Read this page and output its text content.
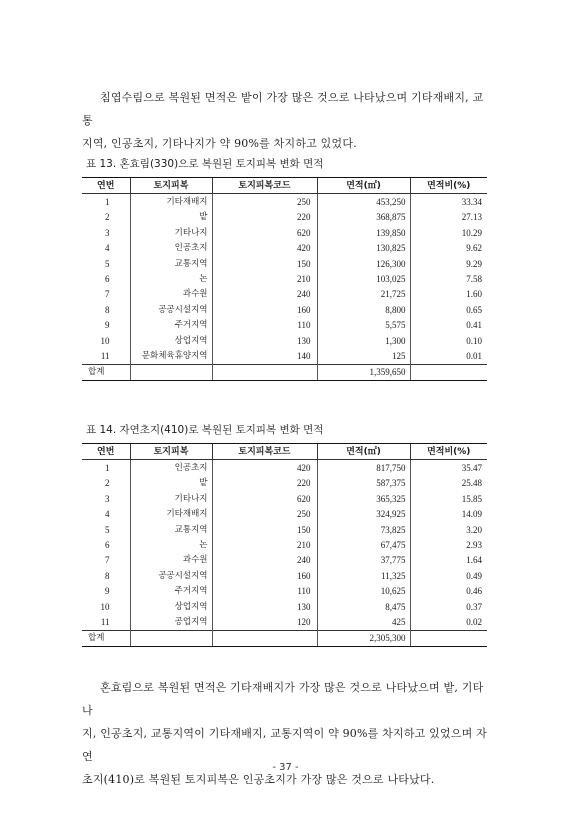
침엽수림으로 복원된 면적은 밭이 가장 많은 것으로 나타났으며 기타재배지, 교통

지역, 인공초지, 기타나지가 약 90%를 차지하고 있었다.

표 13. 혼효림(330)으로 복원된 토지피복 변화 면적
연번	토지피복	토지피복코드	면적(㎡)	면적비(%)
1	기타재배지	250	453,250	33.34
2	밭	220	368,875	27.13
3	기타나지	620	139,850	10.29
4	인공초지	420	130,825	9.62
5	교통지역	150	126,300	9.29
6	논	210	103,025	7.58
7	과수원	240	21,725	1.60
8	공공시설지역	160	8,800	0.65
9	주거지역	110	5,575	0.41
10	상업지역	130	1,300	0.10
11	문화체육휴양지역	140	125	0.01
합계			1,359,650	
표 14. 자연초지(410)로 복원된 토지피복 변화 면적
연번	토지피복	토지피복코드	면적(㎡)	면적비(%)
1	인공초지	420	817,750	35.47
2	밭	220	587,375	25.48
3	기타나지	620	365,325	15.85
4	기타재배지	250	324,925	14.09
5	교통지역	150	73,825	3.20
6	논	210	67,475	2.93
7	과수원	240	37,775	1.64
8	공공시설지역	160	11,325	0.49
9	주거지역	110	10,625	0.46
10	상업지역	130	8,475	0.37
11	공업지역	120	425	0.02
합계			2,305,300	

혼효림으로 복원된 면적은 기타재배지가 가장 많은 것으로 나타났으며 밭, 기타나

지, 인공초지, 교통지역이 기타재배지, 교통지역이 약 90%를 차지하고 있었으며 자연

초지(410)로 복원된 토지피복은 인공초지가 가장 많은 것으로 나타났다.

- 37 -
